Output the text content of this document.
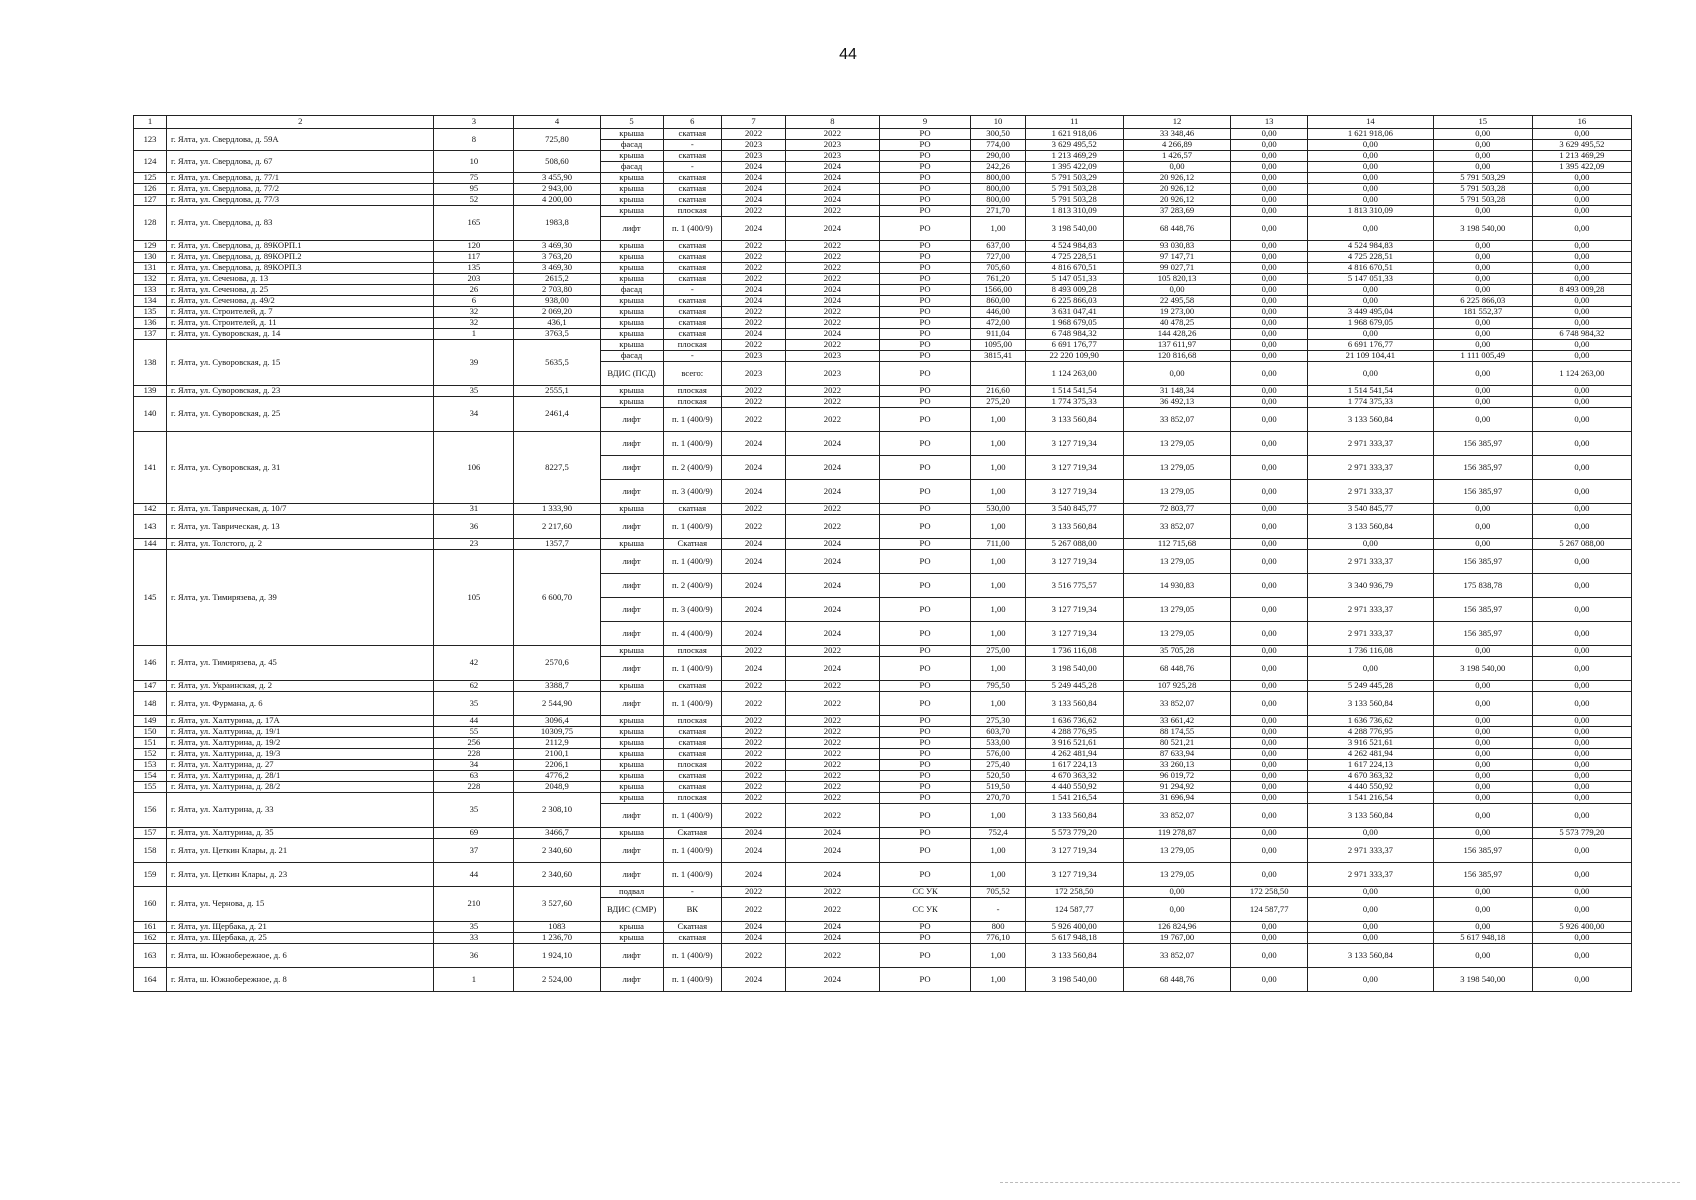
44
1	2	3	4	5	6	7	8	9	10	11	12	13	14	15	16
123	г. Ялта, ул. Свердлова, д. 59А	8	725,80	крыша	скатная	2022	2022	РО	300,50	1 621 918,06	33 348,46	0,00	1 621 918,06	0,00	0,00
				фасад	-	2023	2023	РО	774,00	3 629 495,52	4 266,89	0,00	0,00	0,00	3 629 495,52
124	г. Ялта, ул. Свердлова, д. 67	10	508,60	крыша	скатная	2023	2023	РО	290,00	1 213 469,29	1 426,57	0,00	0,00	0,00	1 213 469,29
				фасад	-	2024	2024	РО	242,26	1 395 422,09	0,00	0,00	0,00	0,00	1 395 422,09
125	г. Ялта, ул. Свердлова, д. 77/1	75	3 455,90	крыша	скатная	2024	2024	РО	800,00	5 791 503,29	20 926,12	0,00	0,00	5 791 503,29	0,00
126	г. Ялта, ул. Свердлова, д. 77/2	95	2 943,00	крыша	скатная	2024	2024	РО	800,00	5 791 503,28	20 926,12	0,00	0,00	5 791 503,28	0,00
127	г. Ялта, ул. Свердлова, д. 77/3	52	4 200,00	крыша	скатная	2024	2024	РО	800,00	5 791 503,28	20 926,12	0,00	0,00	5 791 503,28	0,00
128	г. Ялта, ул. Свердлова, д. 83	165	1983,8	крыша	плоская	2022	2022	РО	271,70	1 813 310,09	37 283,69	0,00	1 813 310,09	0,00	0,00
				лифт	п. 1 (400/9)	2024	2024	РО	1,00	3 198 540,00	68 448,76	0,00	0,00	3 198 540,00	0,00
129	г. Ялта, ул. Свердлова, д. 89КОРП.1	120	3 469,30	крыша	скатная	2022	2022	РО	637,00	4 524 984,83	93 030,83	0,00	4 524 984,83	0,00	0,00
130	г. Ялта, ул. Свердлова, д. 89КОРП.2	117	3 763,20	крыша	скатная	2022	2022	РО	727,00	4 725 228,51	97 147,71	0,00	4 725 228,51	0,00	0,00
131	г. Ялта, ул. Свердлова, д. 89КОРП.3	135	3 469,30	крыша	скатная	2022	2022	РО	705,60	4 816 670,51	99 027,71	0,00	4 816 670,51	0,00	0,00
132	г. Ялта, ул. Сеченова, д. 13	203	2615,2	крыша	скатная	2022	2022	РО	761,20	5 147 051,33	105 820,13	0,00	5 147 051,33	0,00	0,00
133	г. Ялта, ул. Сеченова, д. 25	26	2 703,80	фасад	-	2024	2024	РО	1566,00	8 493 009,28	0,00	0,00	0,00	0,00	8 493 009,28
134	г. Ялта, ул. Сеченова, д. 49/2	6	938,00	крыша	скатная	2024	2024	РО	860,00	6 225 866,03	22 495,58	0,00	0,00	6 225 866,03	0,00
135	г. Ялта, ул. Строителей, д. 7	32	2 069,20	крыша	скатная	2022	2022	РО	446,00	3 631 047,41	19 273,00	0,00	3 449 495,04	181 552,37	0,00
136	г. Ялта, ул. Строителей, д. 11	32	436,1	крыша	скатная	2022	2022	РО	472,00	1 968 679,05	40 478,25	0,00	1 968 679,05	0,00	0,00
137	г. Ялта, ул. Суворовская, д. 14	1	3763,5	крыша	скатная	2024	2024	РО	911,04	6 748 984,32	144 428,26	0,00	0,00	0,00	6 748 984,32
138	г. Ялта, ул. Суворовская, д. 15	39	5635,5	крыша	плоская	2022	2022	РО	1095,00	6 691 176,77	137 611,97	0,00	6 691 176,77	0,00	0,00
				фасад	-	2023	2023	РО	3815,41	22 220 109,90	120 816,68	0,00	21 109 104,41	1 111 005,49	0,00
				ВДИС (ПСД)	всего:	2023	2023	РО		1 124 263,00	0,00	0,00	0,00	0,00	1 124 263,00
139	г. Ялта, ул. Суворовская, д. 23	35	2555,1	крыша	плоская	2022	2022	РО	216,60	1 514 541,54	31 148,34	0,00	1 514 541,54	0,00	0,00
140	г. Ялта, ул. Суворовская, д. 25	34	2461,4	крыша	плоская	2022	2022	РО	275,20	1 774 375,33	36 492,13	0,00	1 774 375,33	0,00	0,00
				лифт	п. 1 (400/9)	2022	2022	РО	1,00	3 133 560,84	33 852,07	0,00	3 133 560,84	0,00	0,00
141	г. Ялта, ул. Суворовская, д. 31	106	8227,5	лифт	п. 1 (400/9)	2024	2024	РО	1,00	3 127 719,34	13 279,05	0,00	2 971 333,37	156 385,97	0,00
				лифт	п. 2 (400/9)	2024	2024	РО	1,00	3 127 719,34	13 279,05	0,00	2 971 333,37	156 385,97	0,00
				лифт	п. 3 (400/9)	2024	2024	РО	1,00	3 127 719,34	13 279,05	0,00	2 971 333,37	156 385,97	0,00
142	г. Ялта, ул. Таврическая, д. 10/7	31	1 333,90	крыша	скатная	2022	2022	РО	530,00	3 540 845,77	72 803,77	0,00	3 540 845,77	0,00	0,00
143	г. Ялта, ул. Таврическая, д. 13	36	2 217,60	лифт	п. 1 (400/9)	2022	2022	РО	1,00	3 133 560,84	33 852,07	0,00	3 133 560,84	0,00	0,00
144	г. Ялта, ул. Толстого, д. 2	23	1357,7	крыша	Скатная	2024	2024	РО	711,00	5 267 088,00	112 715,68	0,00	0,00	0,00	5 267 088,00
145	г. Ялта, ул. Тимирязева, д. 39	105	6 600,70	лифт	п. 1 (400/9)	2024	2024	РО	1,00	3 127 719,34	13 279,05	0,00	2 971 333,37	156 385,97	0,00
				лифт	п. 2 (400/9)	2024	2024	РО	1,00	3 516 775,57	14 930,83	0,00	3 340 936,79	175 838,78	0,00
				лифт	п. 3 (400/9)	2024	2024	РО	1,00	3 127 719,34	13 279,05	0,00	2 971 333,37	156 385,97	0,00
				лифт	п. 4 (400/9)	2024	2024	РО	1,00	3 127 719,34	13 279,05	0,00	2 971 333,37	156 385,97	0,00
146	г. Ялта, ул. Тимирязева, д. 45	42	2570,6	крыша	плоская	2022	2022	РО	275,00	1 736 116,08	35 705,28	0,00	1 736 116,08	0,00	0,00
				лифт	п. 1 (400/9)	2024	2024	РО	1,00	3 198 540,00	68 448,76	0,00	0,00	3 198 540,00	0,00
147	г. Ялта, ул. Украинская, д. 2	62	3388,7	крыша	скатная	2022	2022	РО	795,50	5 249 445,28	107 925,28	0,00	5 249 445,28	0,00	0,00
148	г. Ялта, ул. Фурмана, д. 6	35	2 544,90	лифт	п. 1 (400/9)	2022	2022	РО	1,00	3 133 560,84	33 852,07	0,00	3 133 560,84	0,00	0,00
149	г. Ялта, ул. Халтурина, д. 17А	44	3096,4	крыша	плоская	2022	2022	РО	275,30	1 636 736,62	33 661,42	0,00	1 636 736,62	0,00	0,00
150	г. Ялта, ул. Халтурина, д. 19/1	55	10309,75	крыша	скатная	2022	2022	РО	603,70	4 288 776,95	88 174,55	0,00	4 288 776,95	0,00	0,00
151	г. Ялта, ул. Халтурина, д. 19/2	256	2112,9	крыша	скатная	2022	2022	РО	533,00	3 916 521,61	80 521,21	0,00	3 916 521,61	0,00	0,00
152	г. Ялта, ул. Халтурина, д. 19/3	228	2100,1	крыша	скатная	2022	2022	РО	576,00	4 262 481,94	87 633,94	0,00	4 262 481,94	0,00	0,00
153	г. Ялта, ул. Халтурина, д. 27	34	2206,1	крыша	плоская	2022	2022	РО	275,40	1 617 224,13	33 260,13	0,00	1 617 224,13	0,00	0,00
154	г. Ялта, ул. Халтурина, д. 28/1	63	4776,2	крыша	скатная	2022	2022	РО	520,50	4 670 363,32	96 019,72	0,00	4 670 363,32	0,00	0,00
155	г. Ялта, ул. Халтурина, д. 28/2	228	2048,9	крыша	скатная	2022	2022	РО	519,50	4 440 550,92	91 294,92	0,00	4 440 550,92	0,00	0,00
156	г. Ялта, ул. Халтурина, д. 33	35	2 308,10	крыша	плоская	2022	2022	РО	270,70	1 541 216,54	31 696,94	0,00	1 541 216,54	0,00	0,00
				лифт	п. 1 (400/9)	2022	2022	РО	1,00	3 133 560,84	33 852,07	0,00	3 133 560,84	0,00	0,00
157	г. Ялта, ул. Халтурина, д. 35	69	3466,7	крыша	Скатная	2024	2024	РО	752,4	5 573 779,20	119 278,87	0,00	0,00	0,00	5 573 779,20
158	г. Ялта, ул. Цеткин Клары, д. 21	37	2 340,60	лифт	п. 1 (400/9)	2024	2024	РО	1,00	3 127 719,34	13 279,05	0,00	2 971 333,37	156 385,97	0,00
159	г. Ялта, ул. Цеткин Клары, д. 23	44	2 340,60	лифт	п. 1 (400/9)	2024	2024	РО	1,00	3 127 719,34	13 279,05	0,00	2 971 333,37	156 385,97	0,00
160	г. Ялта, ул. Чернова, д. 15	210	3 527,60	подвал	-	2022	2022	СС УК	705,52	172 258,50	0,00	172 258,50	0,00	0,00	0,00
				ВДИС (СМР)	ВК	2022	2022	СС УК	-	124 587,77	0,00	124 587,77	0,00	0,00	0,00
161	г. Ялта, ул. Щербака, д. 21	35	1083	крыша	Скатная	2024	2024	РО	800	5 926 400,00	126 824,96	0,00	0,00	0,00	5 926 400,00
162	г. Ялта, ул. Щербака, д. 25	33	1 236,70	крыша	скатная	2024	2024	РО	776,10	5 617 948,18	19 767,00	0,00	0,00	5 617 948,18	0,00
163	г. Ялта, ш. Южнобережное, д. 6	36	1 924,10	лифт	п. 1 (400/9)	2022	2022	РО	1,00	3 133 560,84	33 852,07	0,00	3 133 560,84	0,00	0,00
164	г. Ялта, ш. Южнобережное, д. 8	1	2 524,00	лифт	п. 1 (400/9)	2024	2024	РО	1,00	3 198 540,00	68 448,76	0,00	0,00	3 198 540,00	0,00
